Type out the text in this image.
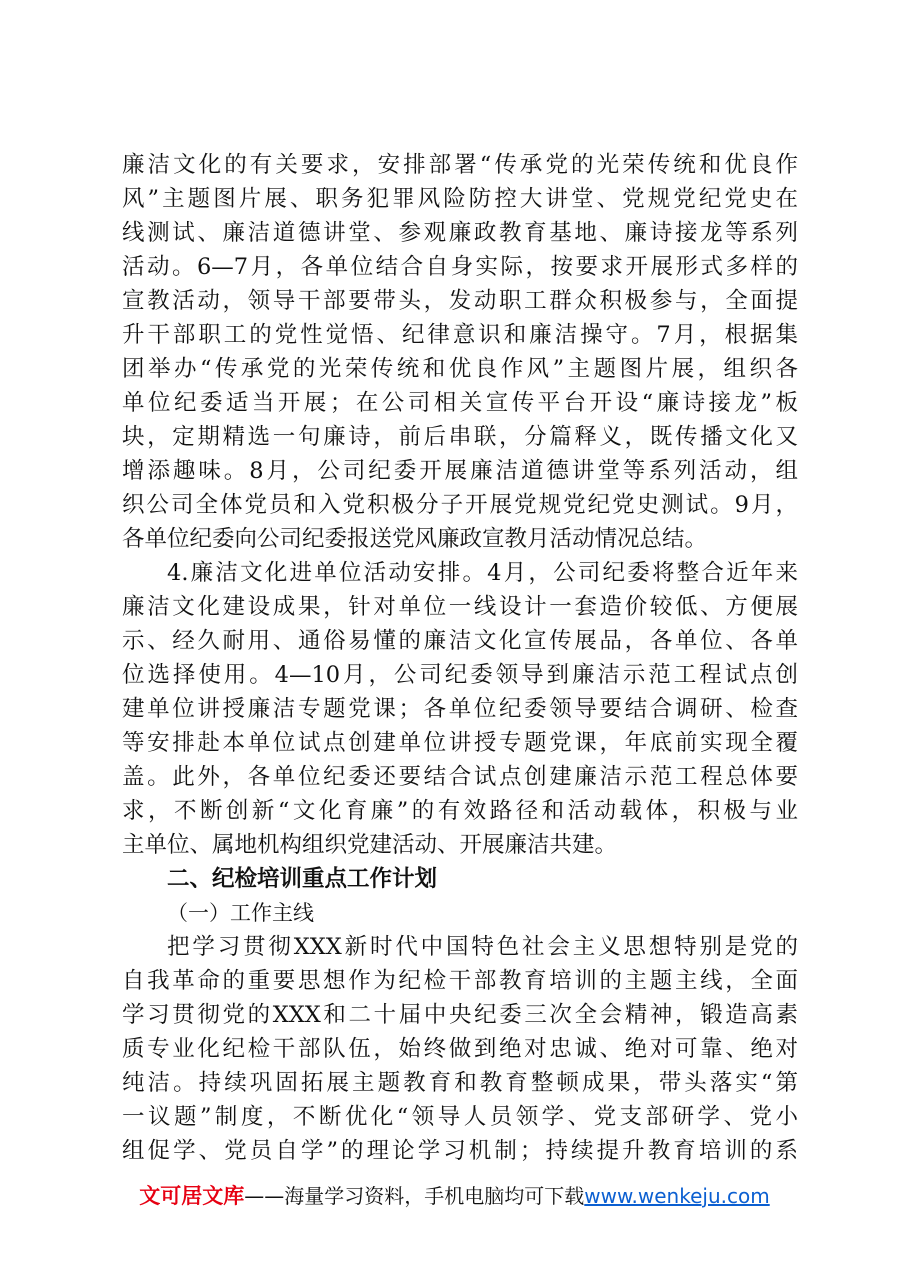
廉洁文化的有关要求，安排部署“传承党的光荣传统和优良作
风”主题图片展、职务犯罪风险防控大讲堂、党规党纪党史在
线测试、廉洁道德讲堂、参观廉政教育基地、廉诗接龙等系列
活动。6—7月，各单位结合自身实际，按要求开展形式多样的
宣教活动，领导干部要带头，发动职工群众积极参与，全面提
升干部职工的党性觉悟、纪律意识和廉洁操守。7月，根据集
团举办“传承党的光荣传统和优良作风”主题图片展，组织各
单位纪委适当开展；在公司相关宣传平台开设“廉诗接龙”板
块，定期精选一句廉诗，前后串联，分篇释义，既传播文化又
增添趣味。8月，公司纪委开展廉洁道德讲堂等系列活动，组
织公司全体党员和入党积极分子开展党规党纪党史测试。9月，
各单位纪委向公司纪委报送党风廉政宣教月活动情况总结。
4.廉洁文化进单位活动安排。4月，公司纪委将整合近年来
廉洁文化建设成果，针对单位一线设计一套造价较低、方便展
示、经久耐用、通俗易懂的廉洁文化宣传展品，各单位、各单
位选择使用。4—10月，公司纪委领导到廉洁示范工程试点创
建单位讲授廉洁专题党课；各单位纪委领导要结合调研、检查
等安排赴本单位试点创建单位讲授专题党课，年底前实现全覆
盖。此外，各单位纪委还要结合试点创建廉洁示范工程总体要
求，不断创新“文化育廉”的有效路径和活动载体，积极与业
主单位、属地机构组织党建活动、开展廉洁共建。
二、纪检培训重点工作计划
（一）工作主线
把学习贯彻XXX新时代中国特色社会主义思想特别是党的
自我革命的重要思想作为纪检干部教育培训的主题主线，全面
学习贯彻党的XXX和二十届中央纪委三次全会精神，锻造高素
质专业化纪检干部队伍，始终做到绝对忠诚、绝对可靠、绝对
纯洁。持续巩固拓展主题教育和教育整顿成果，带头落实“第
一议题”制度，不断优化“领导人员领学、党支部研学、党小
组促学、党员自学”的理论学习机制；持续提升教育培训的系
文可居文库——海量学习资料，手机电脑均可下载www.wenkeju.com
